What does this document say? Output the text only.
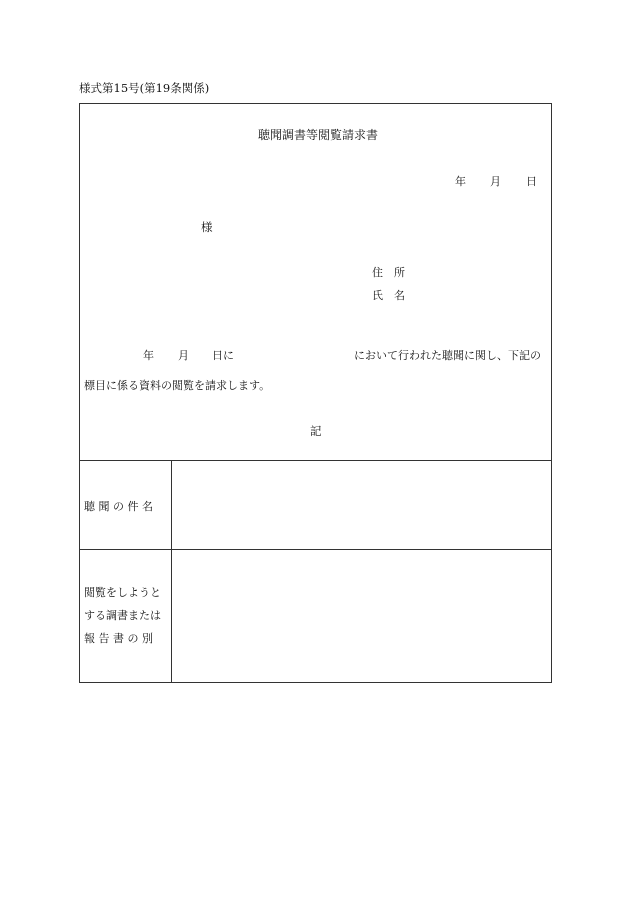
様式第15号(第19条関係)
聴聞調書等閲覧請求書
年 月 日
様
住　所
氏　名
年 月 日に	において行われた聴聞に関し、下記の
標目に係る資料の閲覧を請求します。
記
聴 聞 の 件 名
閲覧をしようと
する調書または
報 告 書 の 別
